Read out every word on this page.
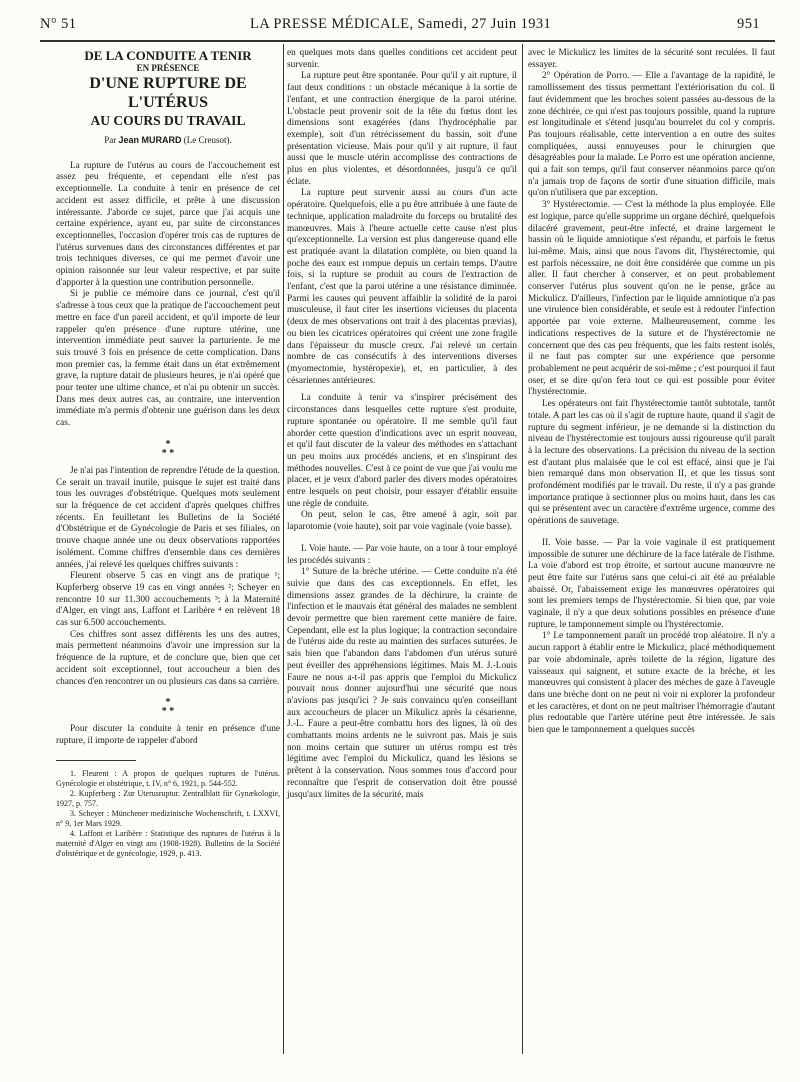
N° 51	LA PRESSE MÉDICALE, Samedi, 27 Juin 1931	951

DE LA CONDUITE A TENIR

EN PRÉSENCE

D'UNE RUPTURE DE L'UTÉRUS

AU COURS DU TRAVAIL

Par Jean MURARD (Le Creusot).

La rupture de l'utérus au cours de l'accouchement est assez peu fréquente, et cependant elle n'est pas exceptionnelle. La conduite à tenir en présence de cet accident est assez difficile, et prête à une discussion intéressante. J'aborde ce sujet, parce que j'ai acquis une certaine expérience, ayant eu, par suite de circonstances exceptionnelles, l'occasion d'opérer trois cas de ruptures de l'utérus survenues dans des circonstances différentes et par trois techniques diverses, ce qui me permet d'avoir une opinion raisonnée sur leur valeur respective, et par suite d'apporter à la question une contribution personnelle.

Si je publie ce mémoire dans ce journal, c'est qu'il s'adresse à tous ceux que la pratique de l'accouchement peut mettre en face d'un pareil accident, et qu'il importe de leur rappeler qu'en présence d'une rupture utérine, une intervention immédiate peut sauver la parturiente. Je me suis trouvé 3 fois en présence de cette complication. Dans mon premier cas, la femme était dans un état extrêmement grave, la rupture datait de plusieurs heures, je n'ai opéré que pour tenter une ultime chance, et n'ai pu obtenir un succès. Dans mes deux autres cas, au contraire, une intervention immédiate m'a permis d'obtenir une guérison dans les deux cas.

*
* *

Je n'ai pas l'intention de reprendre l'étude de la question. Ce serait un travail inutile, puisque le sujet est traité dans tous les ouvrages d'obstétrique. Quelques mots seulement sur la fréquence de cet accident d'après quelques chiffres récents. En feuilletant les Bulletins de la Société d'Obstétrique et de Gynécologie de Paris et ses filiales, on trouve chaque année une ou deux observations rapportées isolément. Comme chiffres d'ensemble dans ces dernières années, j'ai relevé les quelques chiffres suivants :

Fleurent observe 5 cas en vingt ans de pratique ¹; Kupferberg observe 19 cas en vingt années ²; Scheyer en rencontre 10 sur 11.300 accouchements ³; à la Maternité d'Alger, en vingt ans, Laffont et Laribère ⁴ en relèvent 18 cas sur 6.500 accouchements.

Ces chiffres sont assez différents les uns des autres, mais permettent néanmoins d'avoir une impression sur la fréquence de la rupture, et de conclure que, bien que cet accident soit exceptionnel, tout accoucheur a bien des chances d'en rencontrer un ou plusieurs cas dans sa carrière.

*
* *

Pour discuter la conduite à tenir en présence d'une rupture, il importe de rappeler d'abord

1. Fleurent : A propos de quelques ruptures de l'utérus. Gynécologie et obstétrique, t. IV, n° 6, 1921, p. 544-552.

2. Kupferberg : Zur Uterusruptur. Zentralblatt für Gynækologie, 1927, p. 757.

3. Scheyer : Münchener medizinische Wochenschrift, t. LXXVI, n° 9, 1er Mars 1929.

4. Laffont et Laribère : Statistique des ruptures de l'utérus à la maternité d'Alger en vingt ans (1908-1928). Bulletins de la Société d'obstétrique et de gynécologie, 1929, p. 413.

en quelques mots dans quelles conditions cet accident peut survenir.

La rupture peut être spontanée. Pour qu'il y ait rupture, il faut deux conditions : un obstacle mécanique à la sortie de l'enfant, et une contraction énergique de la paroi utérine. L'obstacle peut provenir soit de la tête du fœtus dont les dimensions sont exagérées (dans l'hydrocéphalie par exemple), soit d'un rétrécissement du bassin, soit d'une présentation vicieuse. Mais pour qu'il y ait rupture, il faut aussi que le muscle utérin accomplisse des contractions de plus en plus violentes, et désordonnées, jusqu'à ce qu'il éclate.

La rupture peut survenir aussi au cours d'un acte opératoire. Quelquefois, elle a pu être attribuée à une faute de technique, application maladroite du forceps ou brutalité des manœuvres. Mais à l'heure actuelle cette cause n'est plus qu'exceptionnelle. La version est plus dangereuse quand elle est pratiquée avant la dilatation complète, ou bien quand la poche des eaux est rompue depuis un certain temps. D'autre fois, si la rupture se produit au cours de l'extraction de l'enfant, c'est que la paroi utérine a une résistance diminuée. Parmi les causes qui peuvent affaiblir la solidité de la paroi musculeuse, il faut citer les insertions vicieuses du placenta (deux de mes observations ont trait à des placentas prævias), ou bien les cicatrices opératoires qui créent une zone fragile dans l'épaisseur du muscle creux. J'ai relevé un certain nombre de cas consécutifs à des interventions diverses (myomectomie, hystéropexie), et, en particulier, à des césariennes antérieures.

La conduite à tenir va s'inspirer précisément des circonstances dans lesquelles cette rupture s'est produite, rupture spontanée ou opératoire. Il me semble qu'il faut aborder cette question d'indications avec un esprit nouveau, et qu'il faut discuter de la valeur des méthodes en s'attachant un peu moins aux procédés anciens, et en s'inspirant des méthodes nouvelles. C'est à ce point de vue que j'ai voulu me placer, et je veux d'abord parler des divers modes opératoires entre lesquels on peut choisir, pour essayer d'établir ensuite une règle de conduite.

On peut, selon le cas, être amené à agir, soit par laparotomie (voie haute), soit par voie vaginale (voie basse).

I. Voie haute. — Par voie haute, on a tour à tour employé les procédés suivants :

1° Suture de la brèche utérine. — Cette conduite n'a été suivie que dans des cas exceptionnels. En effet, les dimensions assez grandes de la déchirure, la crainte de l'infection et le mauvais état général des malades ne semblent devoir permettre que bien rarement cette manière de faire. Cependant, elle est la plus logique; la contraction secondaire de l'utérus aide du reste au maintien des surfaces suturées. Je sais bien que l'abandon dans l'abdomen d'un utérus suturé peut éveiller des appréhensions légitimes. Mais M. J.-Louis Faure ne nous a-t-il pas appris que l'emploi du Mickulicz pouvait nous donner aujourd'hui une sécurité que nous n'avions pas jusqu'ici ? Je suis convaincu qu'en conseillant aux accoucheurs de placer un Mikulicz après la césarienne, J.-L. Faure a peut-être combattu hors des lignes, là où des combattants moins ardents ne le suivront pas. Mais je suis non moins certain que suturer un utérus rompu est très légitime avec l'emploi du Mickulicz, quand les lésions se prêtent à la conservation. Nous sommes tous d'accord pour reconnaître que l'esprit de conservation doit être poussé jusqu'aux limites de la sécurité, mais

avec le Mickulicz les limites de la sécurité sont reculées. Il faut essayer.

2° Opération de Porro. — Elle a l'avantage de la rapidité, le ramollissement des tissus permettant l'extériorisation du col. Il faut évidemment que les broches soient passées au-dessous de la zone déchirée, ce qui n'est pas toujours possible, quand la rupture est longitudinale et s'étend jusqu'au bourrelet du col y compris. Pas toujours réalisable, cette intervention a en outre des suites compliquées, aussi ennuyeuses pour le chirurgien que désagréables pour la malade. Le Porro est une opération ancienne, qui a fait son temps, qu'il faut conserver néanmoins parce qu'on n'a jamais trop de façons de sortir d'une situation difficile, mais qu'on n'utilisera que par exception.

3° Hystérectomie. — C'est la méthode la plus employée. Elle est logique, parce qu'elle supprime un organe déchiré, quelquefois dilacéré gravement, peut-être infecté, et draine largement le bassin où le liquide amniotique s'est répandu, et parfois le fœtus lui-même. Mais, ainsi que nous l'avons dit, l'hystérectomie, qui est parfois nécessaire, ne doit être considérée que comme un pis aller. Il faut chercher à conserver, et on peut probablement conserver l'utérus plus souvent qu'on ne le pense, grâce au Mickulicz. D'ailleurs, l'infection par le liquide amniotique n'a pas une virulence bien considérable, et seule est à redouter l'infection apportée par voie externe. Malheureusement, comme les indications respectives de la suture et de l'hystérectomie ne concernent que des cas peu fréquents, que les faits restent isolés, il ne faut pas compter sur une expérience que personne probablement ne peut acquérir de soi-même ; c'est pourquoi il faut oser, et se dire qu'on fera tout ce qui est possible pour éviter l'hystérectomie.

Les opérateurs ont fait l'hystérectomie tantôt subtotale, tantôt totale. A part les cas où il s'agit de rupture haute, quand il s'agit de rupture du segment inférieur, je ne demande si la distinction du niveau de l'hystérectomie est toujours aussi rigoureuse qu'il paraît à la lecture des observations. La précision du niveau de la section est d'autant plus malaisée que le col est effacé, ainsi que je l'ai bien remarqué dans mon observation II, et que les tissus sont profondément modifiés par le travail. Du reste, il n'y a pas grande importance pratique à sectionner plus ou moins haut, dans les cas qui se présentent avec un caractère d'extrême urgence, comme des opérations de sauvetage.

II. Voie basse. — Par la voie vaginale il est pratiquement impossible de suturer une déchirure de la face latérale de l'isthme. La voie d'abord est trop étroite, et surtout aucune manœuvre ne peut être faite sur l'utérus sans que celui-ci ait été au préalable abaissé. Or, l'abaissement exige les manœuvres opératoires qui sont les premiers temps de l'hystérectomie. Si bien que, par voie vaginale, il n'y a que deux solutions possibles en présence d'une rupture, le tamponnement simple ou l'hystérectomie.

1° Le tamponnement paraît un procédé trop aléatoire. Il n'y a aucun rapport à établir entre le Mickulicz, placé méthodiquement par voie abdominale, après toilette de la région, ligature des vaisseaux qui saignent, et suture exacte de la brèche, et les manœuvres qui consistent à placer des mèches de gaze à l'aveugle dans une brèche dont on ne peut ni voir ni explorer la profondeur et les caractères, et dont on ne peut maîtriser l'hémorragie d'autant plus redoutable que l'artère utérine peut être intéressée. Je sais bien que le tamponnement a quelques succès
